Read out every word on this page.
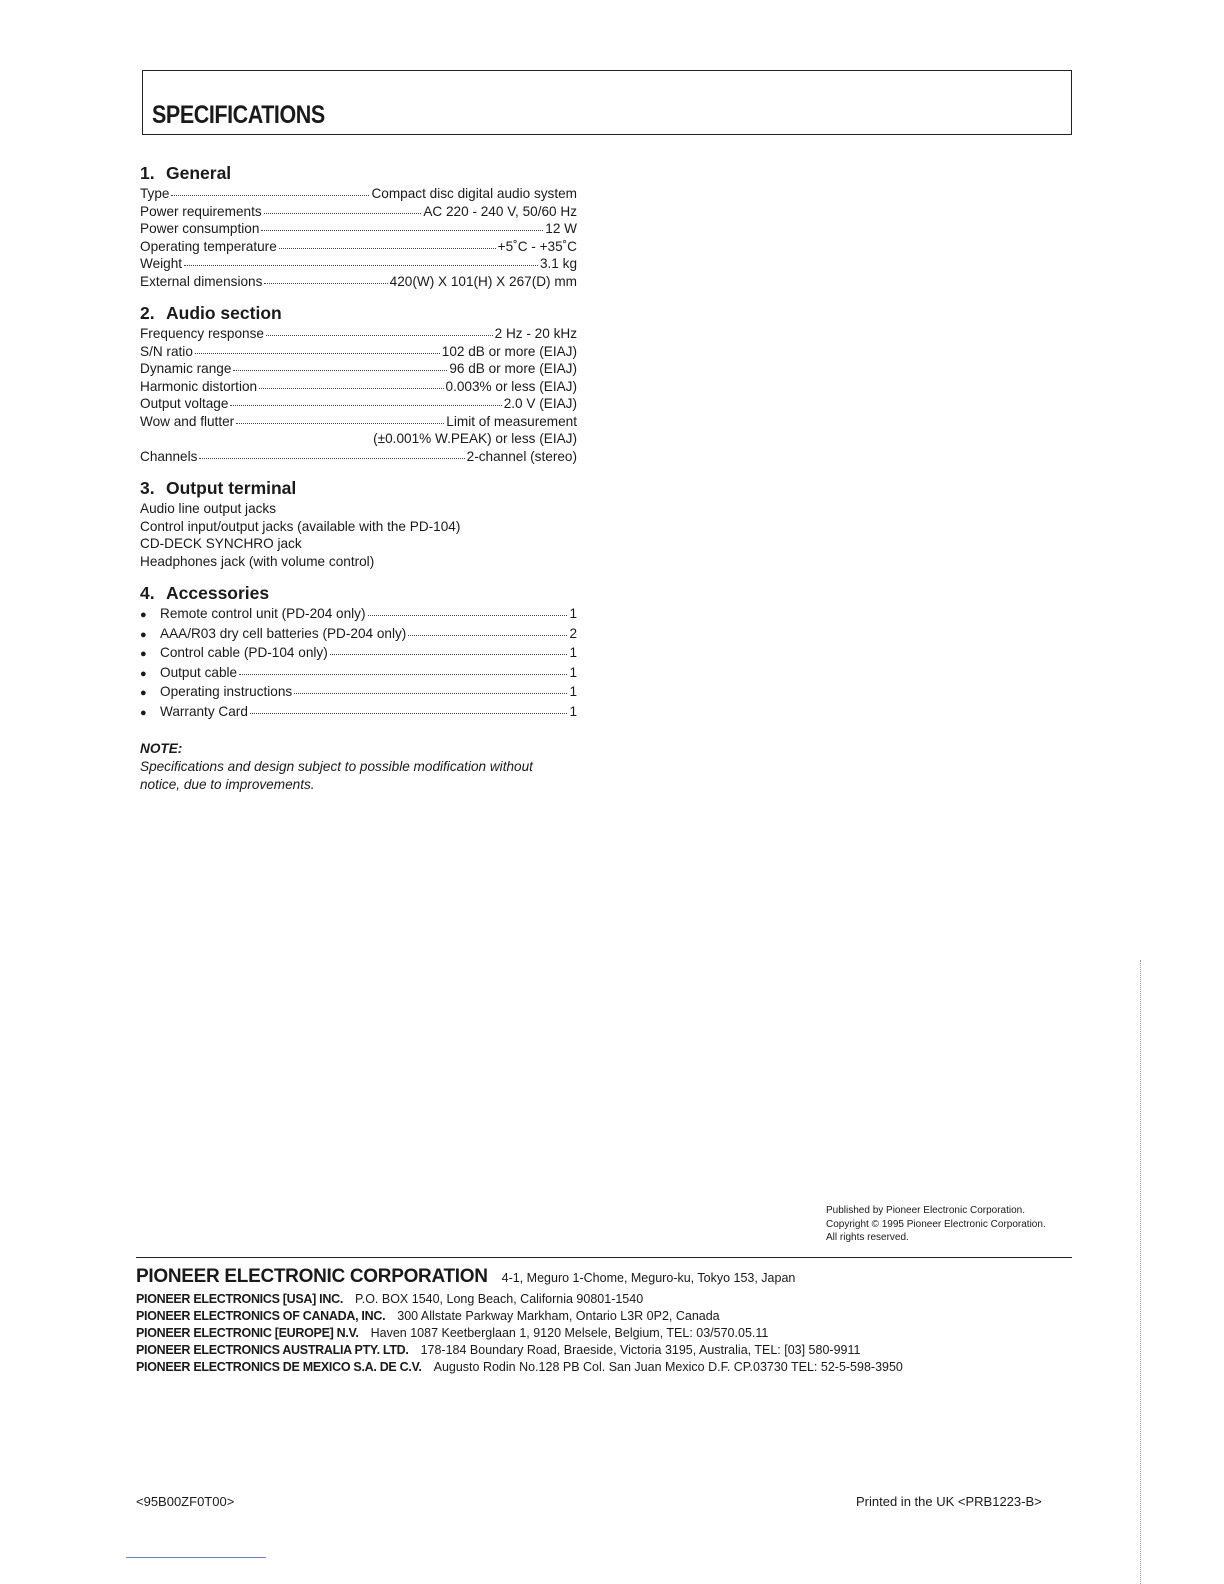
SPECIFICATIONS
1. General
Type	Compact disc digital audio system
Power requirements	AC 220 - 240 V, 50/60 Hz
Power consumption	12 W
Operating temperature	+5˚C - +35˚C
Weight	3.1 kg
External dimensions	420(W) X 101(H) X 267(D) mm
2. Audio section
Frequency response	2 Hz - 20 kHz
S/N ratio	102 dB or more (EIAJ)
Dynamic range	96 dB or more (EIAJ)
Harmonic distortion	0.003% or less (EIAJ)
Output voltage	2.0 V (EIAJ)
Wow and flutter	Limit of measurement
(±0.001% W.PEAK) or less (EIAJ)
Channels	2-channel (stereo)
3. Output terminal
Audio line output jacks
Control input/output jacks (available with the PD-104)
CD-DECK SYNCHRO jack
Headphones jack (with volume control)
4. Accessories
● Remote control unit (PD-204 only)	1
● AAA/R03 dry cell batteries (PD-204 only)	2
● Control cable (PD-104 only)	1
● Output cable	1
● Operating instructions	1
● Warranty Card	1
NOTE:
Specifications and design subject to possible modification without
notice, due to improvements.
Published by Pioneer Electronic Corporation.
Copyright © 1995 Pioneer Electronic Corporation.
All rights reserved.
PIONEER ELECTRONIC CORPORATION 4-1, Meguro 1-Chome, Meguro-ku, Tokyo 153, Japan
PIONEER ELECTRONICS [USA] INC. P.O. BOX 1540, Long Beach, California 90801-1540
PIONEER ELECTRONICS OF CANADA, INC. 300 Allstate Parkway Markham, Ontario L3R 0P2, Canada
PIONEER ELECTRONIC [EUROPE] N.V. Haven 1087 Keetberglaan 1, 9120 Melsele, Belgium, TEL: 03/570.05.11
PIONEER ELECTRONICS AUSTRALIA PTY. LTD. 178-184 Boundary Road, Braeside, Victoria 3195, Australia, TEL: [03] 580-9911
PIONEER ELECTRONICS DE MEXICO S.A. DE C.V. Augusto Rodin No.128 PB Col. San Juan Mexico D.F. CP.03730 TEL: 52-5-598-3950
<95B00ZF0T00>	Printed in the UK <PRB1223-B>
